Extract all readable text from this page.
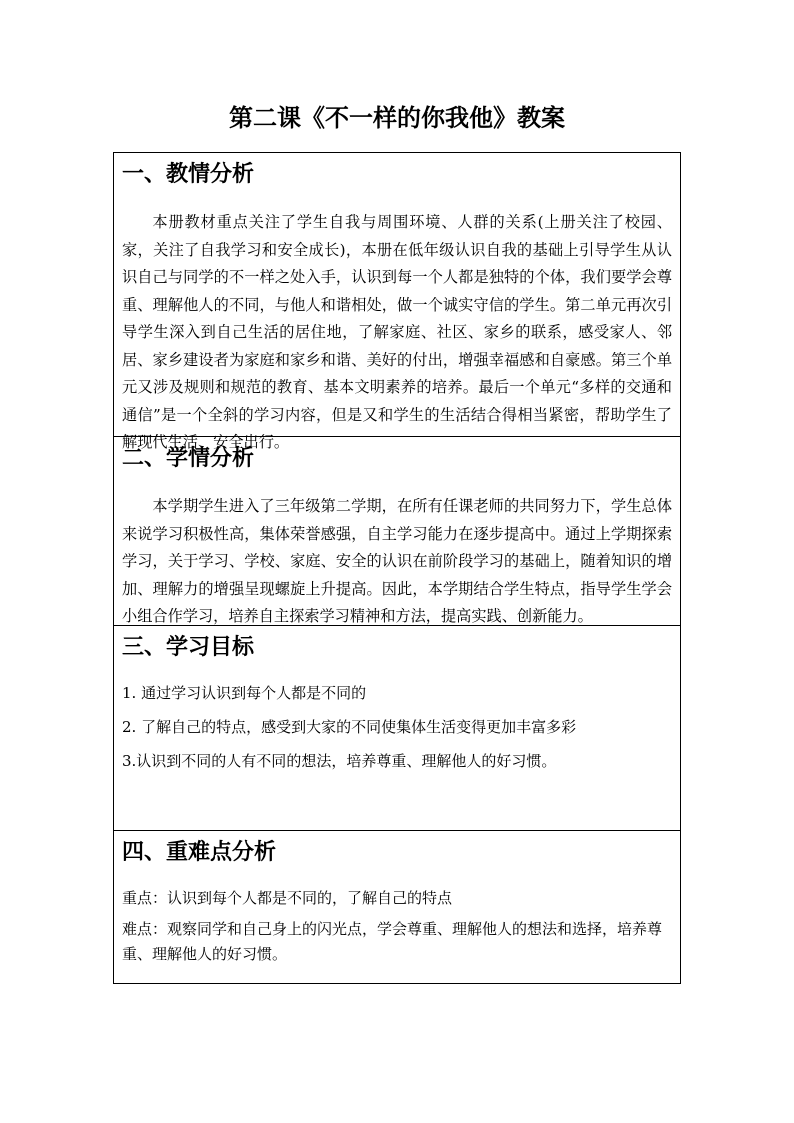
第二课《不一样的你我他》教案
一、教情分析

本册教材重点关注了学生自我与周围环境、人群的关系(上册关注了校园、家，关注了自我学习和安全成长)，本册在低年级认识自我的基础上引导学生从认识自己与同学的不一样之处入手，认识到每一个人都是独特的个体，我们要学会尊重、理解他人的不同，与他人和谐相处，做一个诚实守信的学生。第二单元再次引导学生深入到自己生活的居住地，了解家庭、社区、家乡的联系，感受家人、邻居、家乡建设者为家庭和家乡和谐、美好的付出，增强幸福感和自豪感。第三个单元又涉及规则和规范的教育、基本文明素养的培养。最后一个单元“多样的交通和通信”是一个全斜的学习内容，但是又和学生的生活结合得相当紧密，帮助学生了解现代生活、安全出行。

二、学情分析

本学期学生进入了三年级第二学期，在所有任课老师的共同努力下，学生总体来说学习积极性高，集体荣誉感强，自主学习能力在逐步提高中。通过上学期探索学习，关于学习、学校、家庭、安全的认识在前阶段学习的基础上，随着知识的增加、理解力的增强呈现螺旋上升提高。因此，本学期结合学生特点，指导学生学会小组合作学习，培养自主探索学习精神和方法，提高实践、创新能力。

三、学习目标

1. 通过学习认识到每个人都是不同的

2. 了解自己的特点，感受到大家的不同使集体生活变得更加丰富多彩

3.认识到不同的人有不同的想法，培养尊重、理解他人的好习惯。

四、重难点分析

重点：认识到每个人都是不同的，了解自己的特点

难点：观察同学和自己身上的闪光点，学会尊重、理解他人的想法和选择，培养尊重、理解他人的好习惯。
